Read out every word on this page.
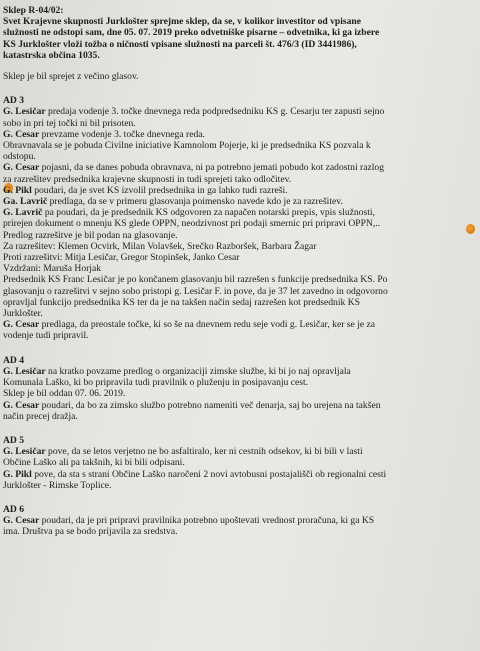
Sklep R-04/02:
Svet Krajevne skupnosti Jurklošter sprejme sklep, da se, v kolikor investitor od vpisane
služnosti ne odstopi sam, dne 05. 07. 2019 preko odvetniške pisarne – odvetnika, ki ga izbere
KS Jurklošter vloži tožba o ničnosti vpisane služnosti na parceli št. 476/3 (ID 3441986),
katastrska občina 1035.
Sklep je bil sprejet z večino glasov.
AD 3
G. Lesičar predaja vodenje 3. točke dnevnega reda podpredsedniku KS g. Cesarju ter zapusti sejno
sobo in pri tej točki ni bil prisoten.
G. Cesar prevzame vodenje 3. točke dnevnega reda.
Obravnavala se je pobuda Civilne iniciative Kamnolom Pojerje, ki je predsednika KS pozvala k
odstopu.
G. Cesar pojasni, da se danes pobuda obravnava, ni pa potrebno jemati pobudo kot zadostni razlog
za razrešitev predsednika krajevne skupnosti in tudi sprejeti tako odločitev.
G. Pikl poudari, da je svet KS izvolil predsednika in ga lahko tudi razreši.
Ga. Lavrič predlaga, da se v primeru glasovanja poimensko navede kdo je za razrešitev.
G. Lavrič pa poudari, da je predsednik KS odgovoren za napačen notarski prepis, vpis služnosti,
prirejen dokument o mnenju KS glede OPPN, neodzivnost pri podaji smernic pri pripravi OPPN,..
Predlog razrešitve je bil podan na glasovanje.
Za razrešitev: Klemen Ocvirk, Milan Volavšek, Srečko Razboršek, Barbara Žagar
Proti razrešitvi: Mitja Lesičar, Gregor Stopinšek, Janko Cesar
Vzdržani: Maruša Horjak
Predsednik KS Franc Lesičar je po končanem glasovanju bil razrešen s funkcije predsednika KS. Po
glasovanju o razrešitvi v sejno sobo pristopi g. Lesičar F. in pove, da je 37 let zavedno in odgovorno
opravljal funkcijo predsednika KS ter da je na takšen način sedaj razrešen kot predsednik KS
Jurklošter.
G. Cesar predlaga, da preostale točke, ki so še na dnevnem redu seje vodi g. Lesičar, ker se je za
vodenje tudi pripravil.
AD 4
G. Lesičar na kratko povzame predlog o organizaciji zimske službe, ki bi jo naj opravljala
Komunala Laško, ki bo pripravila tudi pravilnik o pluženju in posipavanju cest.
Sklep je bil oddan 07. 06. 2019.
G. Cesar poudari, da bo za zimsko službo potrebno nameniti več denarja, saj bo urejena na takšen
način precej dražja.
AD 5
G. Lesičar pove, da se letos verjetno ne bo asfaltiralo, ker ni cestnih odsekov, ki bi bili v lasti
Občine Laško ali pa takšnih, ki bi bili odpisani.
G. Pikl pove, da sta s strani Občine Laško naročeni 2 novi avtobusni postajališči ob regionalni cesti
Jurklošter - Rimske Toplice.
AD 6
G. Cesar poudari, da je pri pripravi pravilnika potrebno upoštevati vrednost proračuna, ki ga KS
ima. Društva pa se bodo prijavila za sredstva.
